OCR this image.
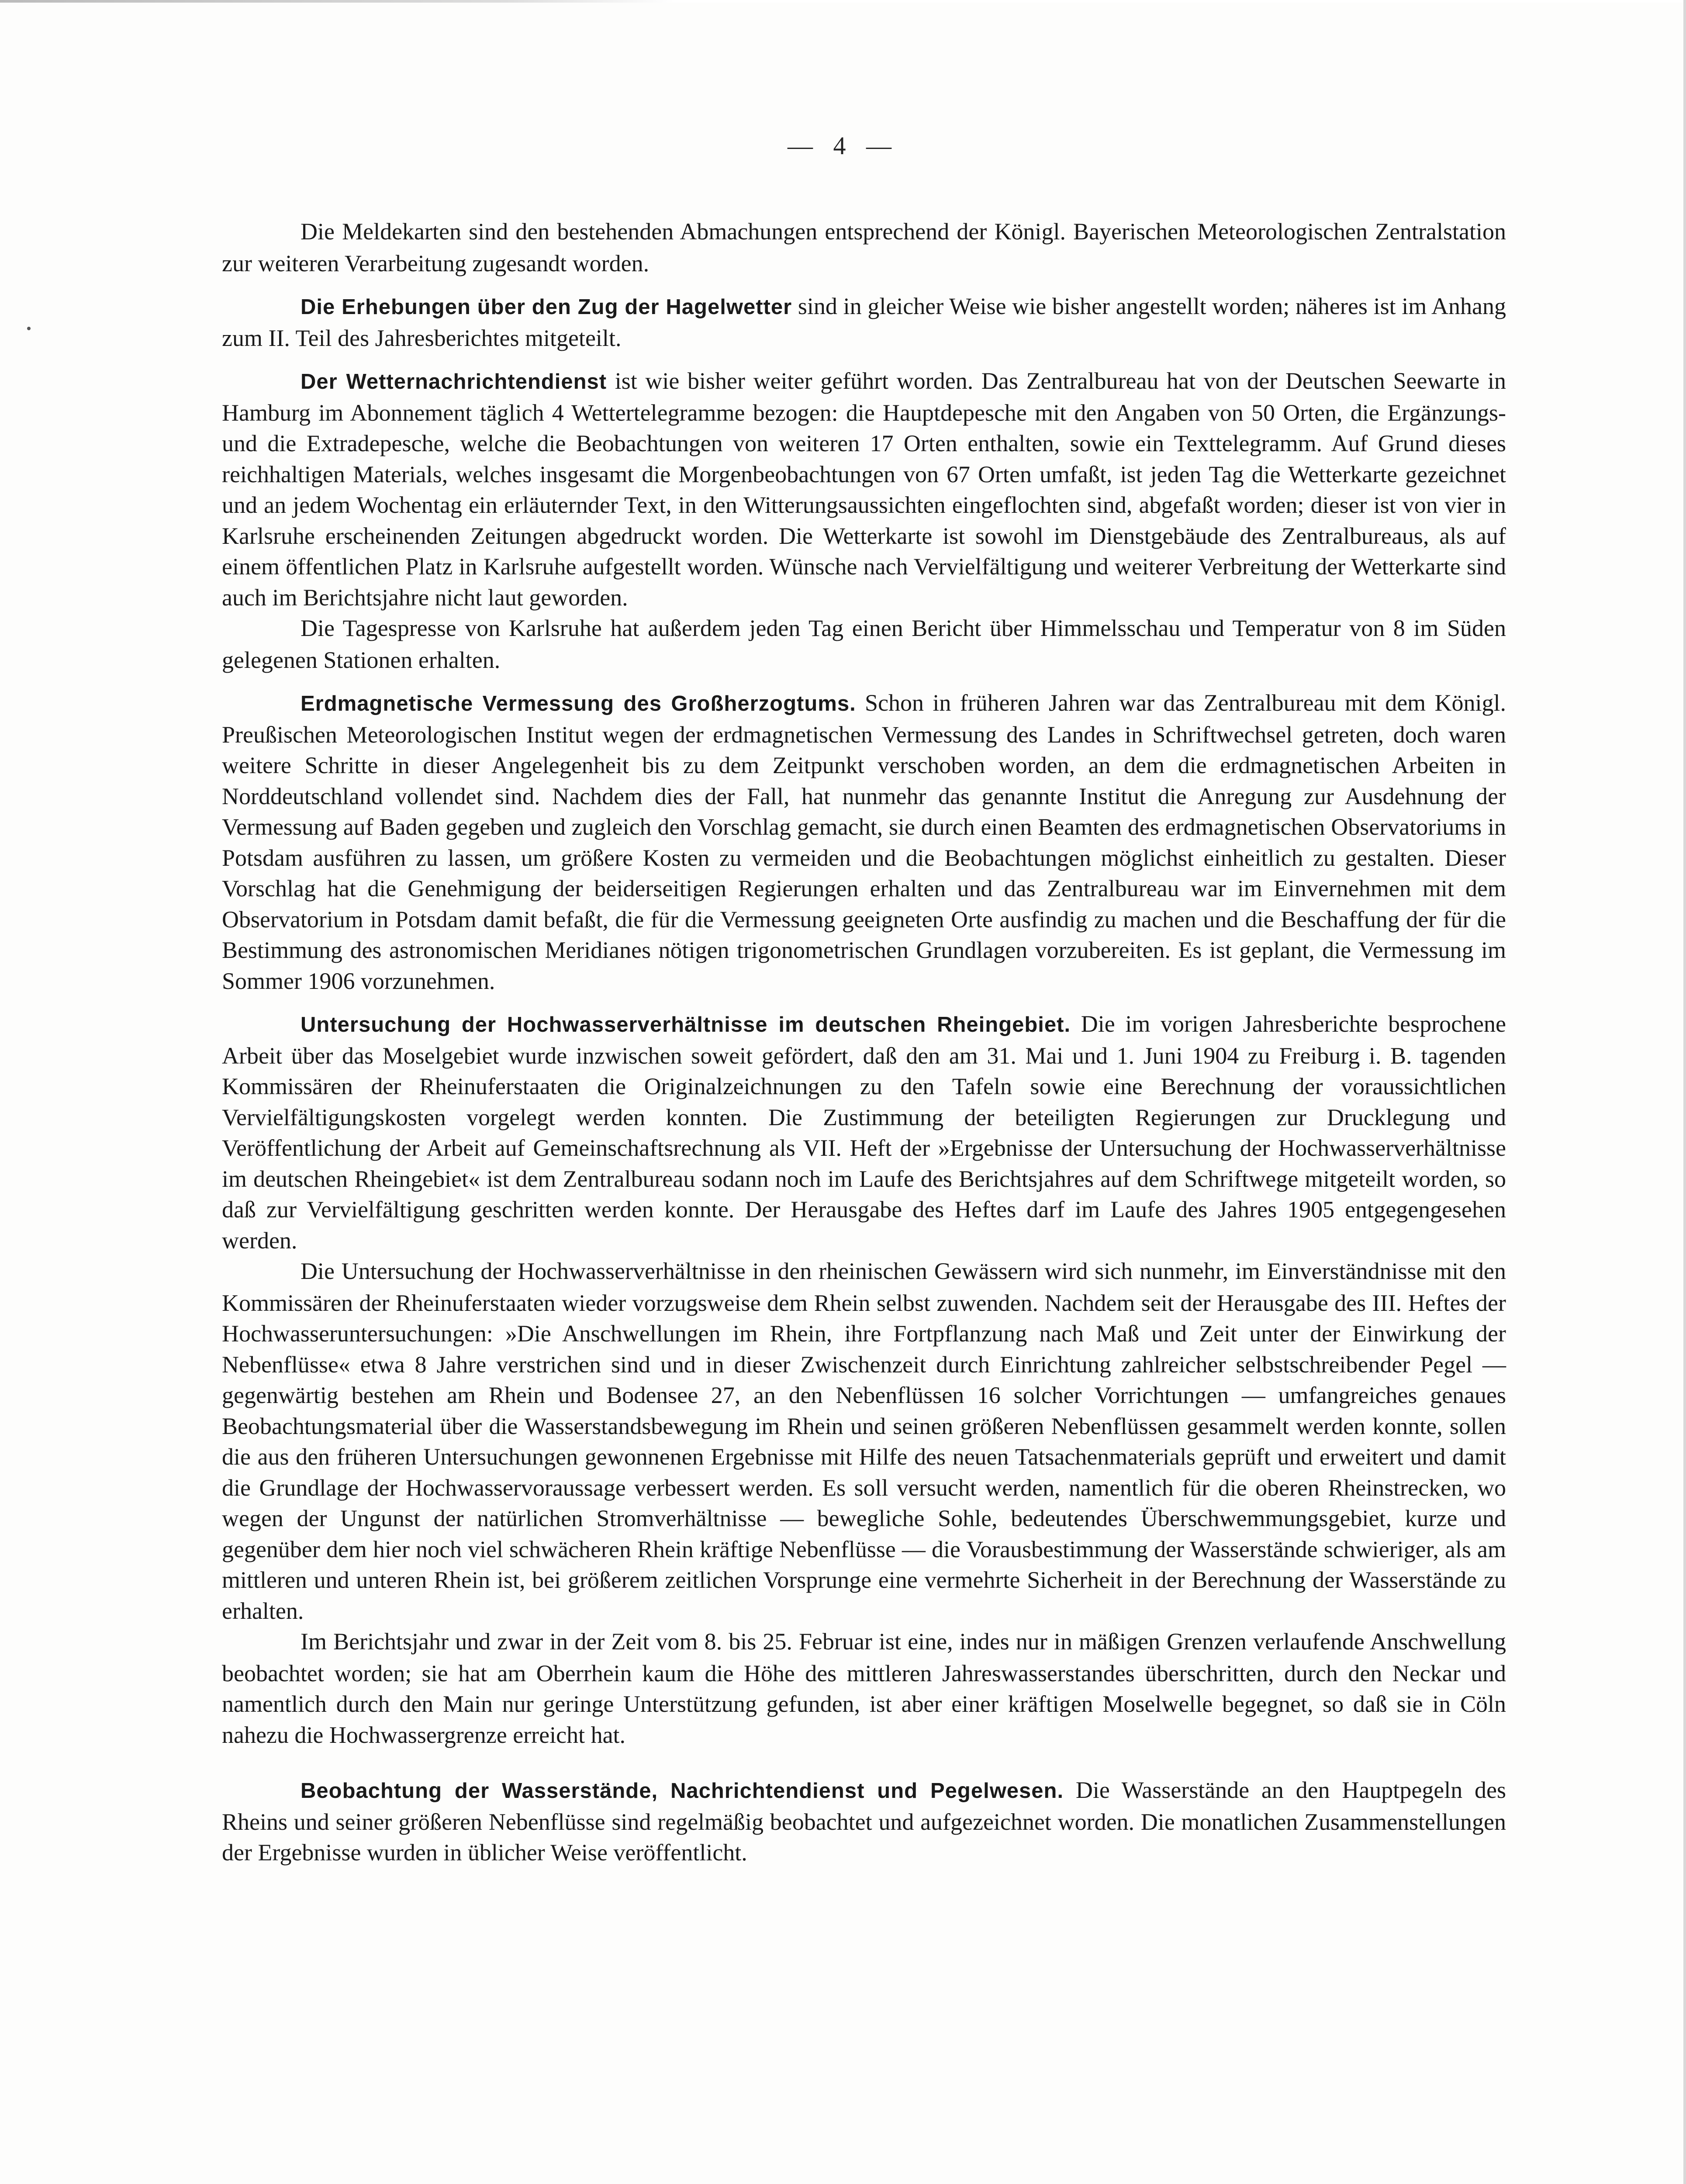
— 4 —

Die Meldekarten sind den bestehenden Abmachungen entsprechend der Königl. Bayerischen Meteorologischen Zentralstation zur weiteren Verarbeitung zugesandt worden.

Die Erhebungen über den Zug der Hagelwetter sind in gleicher Weise wie bisher angestellt worden; näheres ist im Anhang zum II. Teil des Jahresberichtes mitgeteilt.

Der Wetternachrichtendienst ist wie bisher weiter geführt worden. Das Zentralbureau hat von der Deutschen Seewarte in Hamburg im Abonnement täglich 4 Wettertelegramme bezogen: die Hauptdepesche mit den Angaben von 50 Orten, die Ergänzungs- und die Extradepesche, welche die Beobachtungen von weiteren 17 Orten enthalten, sowie ein Texttelegramm. Auf Grund dieses reichhaltigen Materials, welches insgesamt die Morgenbeobachtungen von 67 Orten umfaßt, ist jeden Tag die Wetterkarte gezeichnet und an jedem Wochentag ein erläuternder Text, in den Witterungsaussichten eingeflochten sind, abgefaßt worden; dieser ist von vier in Karlsruhe erscheinenden Zeitungen abgedruckt worden. Die Wetterkarte ist sowohl im Dienstgebäude des Zentralbureaus, als auf einem öffentlichen Platz in Karlsruhe aufgestellt worden. Wünsche nach Vervielfältigung und weiterer Verbreitung der Wetterkarte sind auch im Berichtsjahre nicht laut geworden.

Die Tagespresse von Karlsruhe hat außerdem jeden Tag einen Bericht über Himmelsschau und Temperatur von 8 im Süden gelegenen Stationen erhalten.

Erdmagnetische Vermessung des Großherzogtums. Schon in früheren Jahren war das Zentralbureau mit dem Königl. Preußischen Meteorologischen Institut wegen der erdmagnetischen Vermessung des Landes in Schriftwechsel getreten, doch waren weitere Schritte in dieser Angelegenheit bis zu dem Zeitpunkt verschoben worden, an dem die erdmagnetischen Arbeiten in Norddeutschland vollendet sind. Nachdem dies der Fall, hat nunmehr das genannte Institut die Anregung zur Ausdehnung der Vermessung auf Baden gegeben und zugleich den Vorschlag gemacht, sie durch einen Beamten des erdmagnetischen Observatoriums in Potsdam ausführen zu lassen, um größere Kosten zu vermeiden und die Beobachtungen möglichst einheitlich zu gestalten. Dieser Vorschlag hat die Genehmigung der beiderseitigen Regierungen erhalten und das Zentralbureau war im Einvernehmen mit dem Observatorium in Potsdam damit befaßt, die für die Vermessung geeigneten Orte ausfindig zu machen und die Beschaffung der für die Bestimmung des astronomischen Meridianes nötigen trigonometrischen Grundlagen vorzubereiten. Es ist geplant, die Vermessung im Sommer 1906 vorzunehmen.

Untersuchung der Hochwasserverhältnisse im deutschen Rheingebiet. Die im vorigen Jahresberichte besprochene Arbeit über das Moselgebiet wurde inzwischen soweit gefördert, daß den am 31. Mai und 1. Juni 1904 zu Freiburg i. B. tagenden Kommissären der Rheinuferstaaten die Originalzeichnungen zu den Tafeln sowie eine Berechnung der voraussichtlichen Vervielfältigungskosten vorgelegt werden konnten. Die Zustimmung der beteiligten Regierungen zur Drucklegung und Veröffentlichung der Arbeit auf Gemeinschaftsrechnung als VII. Heft der »Ergebnisse der Untersuchung der Hochwasserverhältnisse im deutschen Rheingebiet« ist dem Zentralbureau sodann noch im Laufe des Berichtsjahres auf dem Schriftwege mitgeteilt worden, so daß zur Vervielfältigung geschritten werden konnte. Der Herausgabe des Heftes darf im Laufe des Jahres 1905 entgegengesehen werden.

Die Untersuchung der Hochwasserverhältnisse in den rheinischen Gewässern wird sich nunmehr, im Einverständnisse mit den Kommissären der Rheinuferstaaten wieder vorzugsweise dem Rhein selbst zuwenden. Nachdem seit der Herausgabe des III. Heftes der Hochwasseruntersuchungen: »Die Anschwellungen im Rhein, ihre Fortpflanzung nach Maß und Zeit unter der Einwirkung der Nebenflüsse« etwa 8 Jahre verstrichen sind und in dieser Zwischenzeit durch Einrichtung zahlreicher selbstschreibender Pegel — gegenwärtig bestehen am Rhein und Bodensee 27, an den Nebenflüssen 16 solcher Vorrichtungen — umfangreiches genaues Beobachtungsmaterial über die Wasserstandsbewegung im Rhein und seinen größeren Nebenflüssen gesammelt werden konnte, sollen die aus den früheren Untersuchungen gewonnenen Ergebnisse mit Hilfe des neuen Tatsachenmaterials geprüft und erweitert und damit die Grundlage der Hochwasservoraussage verbessert werden. Es soll versucht werden, namentlich für die oberen Rheinstrecken, wo wegen der Ungunst der natürlichen Stromverhältnisse — bewegliche Sohle, bedeutendes Überschwemmungsgebiet, kurze und gegenüber dem hier noch viel schwächeren Rhein kräftige Nebenflüsse — die Vorausbestimmung der Wasserstände schwieriger, als am mittleren und unteren Rhein ist, bei größerem zeitlichen Vorsprunge eine vermehrte Sicherheit in der Berechnung der Wasserstände zu erhalten.

Im Berichtsjahr und zwar in der Zeit vom 8. bis 25. Februar ist eine, indes nur in mäßigen Grenzen verlaufende Anschwellung beobachtet worden; sie hat am Oberrhein kaum die Höhe des mittleren Jahreswasserstandes überschritten, durch den Neckar und namentlich durch den Main nur geringe Unterstützung gefunden, ist aber einer kräftigen Moselwelle begegnet, so daß sie in Cöln nahezu die Hochwassergrenze erreicht hat.

Beobachtung der Wasserstände, Nachrichtendienst und Pegelwesen. Die Wasserstände an den Hauptpegeln des Rheins und seiner größeren Nebenflüsse sind regelmäßig beobachtet und aufgezeichnet worden. Die monatlichen Zusammenstellungen der Ergebnisse wurden in üblicher Weise veröffentlicht.
